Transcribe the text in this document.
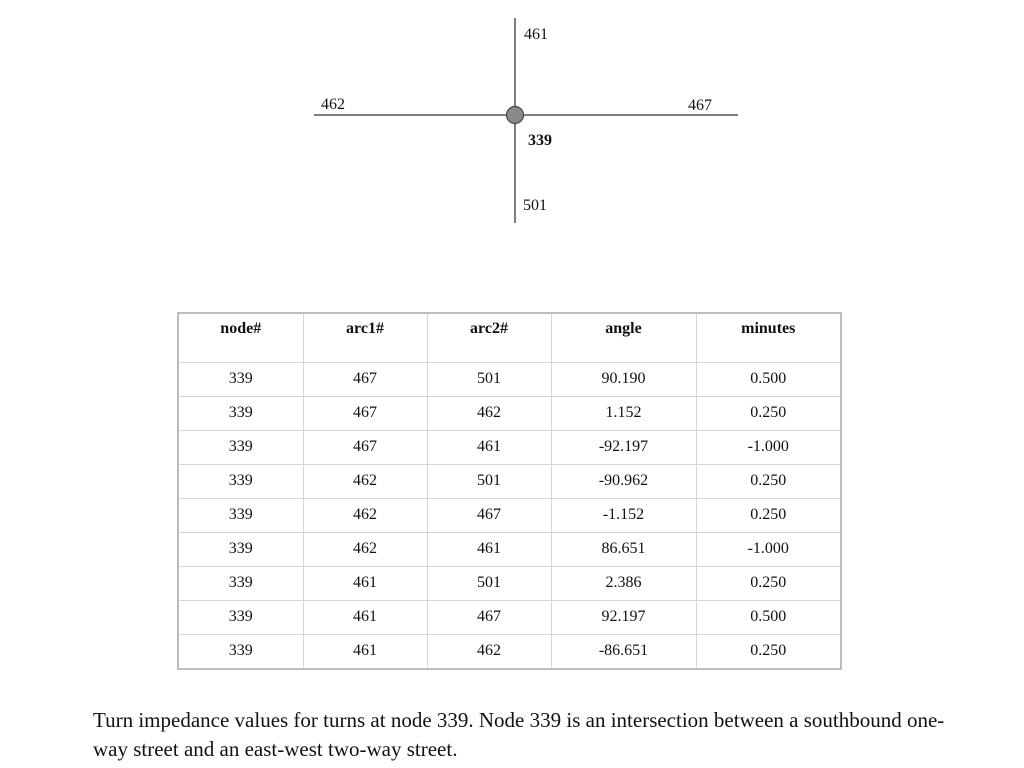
461
462	467
339
501
node#	arc1#	arc2#	angle	minutes
339	467	501	90.190	0.500
339	467	462	1.152	0.250
339	467	461	-92.197	-1.000
339	462	501	-90.962	0.250
339	462	467	-1.152	0.250
339	462	461	86.651	-1.000
339	461	501	2.386	0.250
339	461	467	92.197	0.500
339	461	462	-86.651	0.250

Turn impedance values for turns at node 339. Node 339 is an intersection between a southbound one-way street and an east-west two-way street.
